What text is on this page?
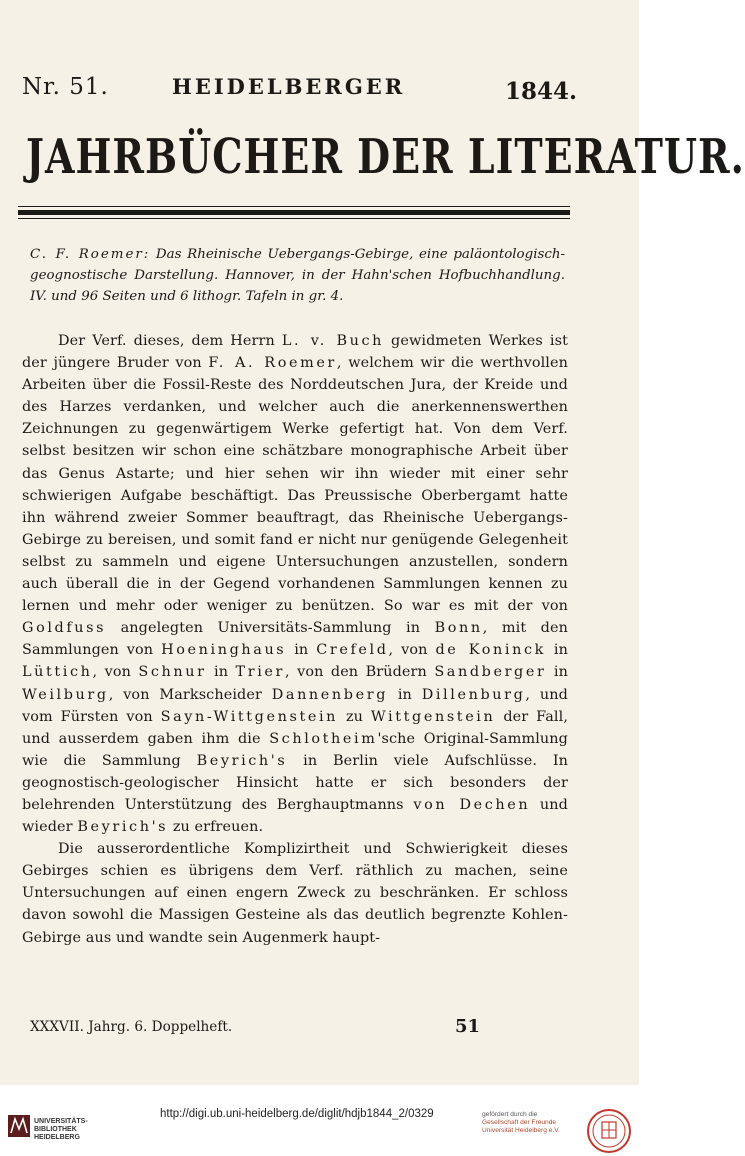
Nr. 51.	HEIDELBERGER	1844.
JAHRBÜCHER DER LITERATUR.
C. F. Roemer: Das Rheinische Uebergangs-Gebirge, eine paläontologisch-geognostische Darstellung. Hannover, in der Hahn'schen Hofbuchhandlung. IV. und 96 Seiten und 6 lithogr. Tafeln in gr. 4.

Der Verf. dieses, dem Herrn L. v. Buch gewidmeten Werkes ist der jüngere Bruder von F. A. Roemer, welchem wir die werthvollen Arbeiten über die Fossil-Reste des Norddeutschen Jura, der Kreide und des Harzes verdanken, und welcher auch die anerkennenswerthen Zeichnungen zu gegenwärtigem Werke gefertigt hat. Von dem Verf. selbst besitzen wir schon eine schätzbare monographische Arbeit über das Genus Astarte; und hier sehen wir ihn wieder mit einer sehr schwierigen Aufgabe beschäftigt. Das Preussische Oberbergamt hatte ihn während zweier Sommer beauftragt, das Rheinische Uebergangs-Gebirge zu bereisen, und somit fand er nicht nur genügende Gelegenheit selbst zu sammeln und eigene Untersuchungen anzustellen, sondern auch überall die in der Gegend vorhandenen Sammlungen kennen zu lernen und mehr oder weniger zu benützen. So war es mit der von Goldfuss angelegten Universitäts-Sammlung in Bonn, mit den Sammlungen von Hoeninghaus in Crefeld, von de Koninck in Lüttich, von Schnur in Trier, von den Brüdern Sandberger in Weilburg, von Markscheider Dannenberg in Dillenburg, und vom Fürsten von Sayn-Wittgenstein zu Wittgenstein der Fall, und ausserdem gaben ihm die Schlotheim'sche Original-Sammlung wie die Sammlung Beyrich's in Berlin viele Aufschlüsse. In geognostisch-geologischer Hinsicht hatte er sich besonders der belehrenden Unterstützung des Berghauptmanns von Dechen und wieder Beyrich's zu erfreuen.

Die ausserordentliche Komplizirtheit und Schwierigkeit dieses Gebirges schien es übrigens dem Verf. räthlich zu machen, seine Untersuchungen auf einen engern Zweck zu beschränken. Er schloss davon sowohl die Massigen Gesteine als das deutlich begrenzte Kohlen-Gebirge aus und wandte sein Augenmerk haupt-

XXXVII. Jahrg. 6. Doppelheft.	51
UNIVERSITÄTS-
BIBLIOTHEK
HEIDELBERG
http://digi.ub.uni-heidelberg.de/diglit/hdjb1844_2/0329	gefördert durch die
Gesellschaft der Freunde
Universität Heidelberg e.V.
